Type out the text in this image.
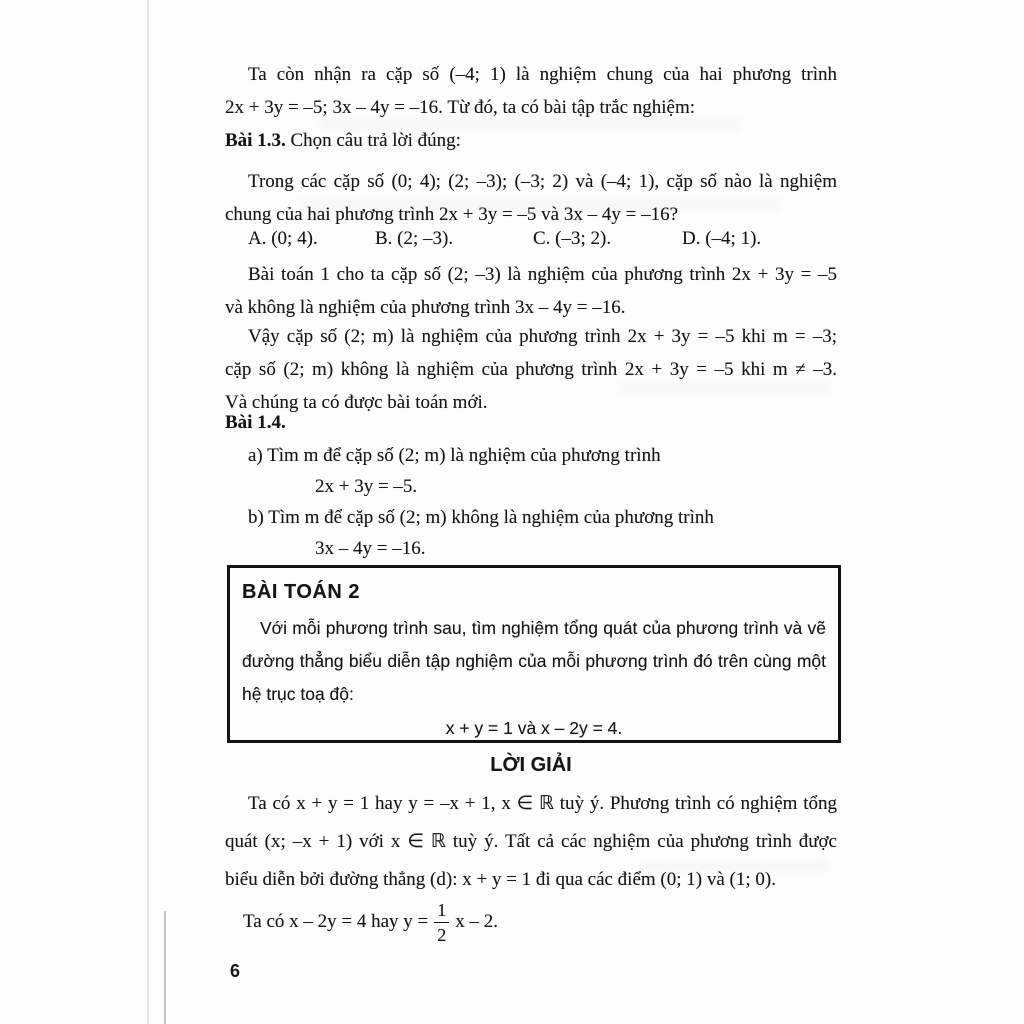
Ta còn nhận ra cặp số (–4; 1) là nghiệm chung của hai phương trình
2x + 3y = –5; 3x – 4y = –16. Từ đó, ta có bài tập trắc nghiệm:
Bài 1.3. Chọn câu trả lời đúng:
Trong các cặp số (0; 4); (2; –3); (–3; 2) và (–4; 1), cặp số nào là nghiệm
chung của hai phương trình 2x + 3y = –5 và 3x – 4y = –16?
A. (0; 4).	B. (2; –3).	C. (–3; 2).	D. (–4; 1).
Bài toán 1 cho ta cặp số (2; –3) là nghiệm của phương trình 2x + 3y = –5
và không là nghiệm của phương trình 3x – 4y = –16.
Vậy cặp số (2; m) là nghiệm của phương trình 2x + 3y = –5 khi m = –3;
cặp số (2; m) không là nghiệm của phương trình 2x + 3y = –5 khi m ≠ –3.
Và chúng ta có được bài toán mới.
Bài 1.4.
a) Tìm m để cặp số (2; m) là nghiệm của phương trình
2x + 3y = –5.
b) Tìm m để cặp số (2; m) không là nghiệm của phương trình
3x – 4y = –16.
BÀI TOÁN 2
Với mỗi phương trình sau, tìm nghiệm tổng quát của phương trình và vẽ
đường thẳng biểu diễn tập nghiệm của mỗi phương trình đó trên cùng một
hệ trục toạ độ:
x + y = 1 và x – 2y = 4.
LỜI GIẢI
Ta có x + y = 1 hay y = –x + 1, x ∈ ℝ tuỳ ý. Phương trình có nghiệm tổng
quát (x; –x + 1) với x ∈ ℝ tuỳ ý. Tất cả các nghiệm của phương trình được
biểu diễn bởi đường thẳng (d): x + y = 1 đi qua các điểm (0; 1) và (1; 0).
Ta có x – 2y = 4 hay $y = \frac{1}{2}$ x – 2.
6
